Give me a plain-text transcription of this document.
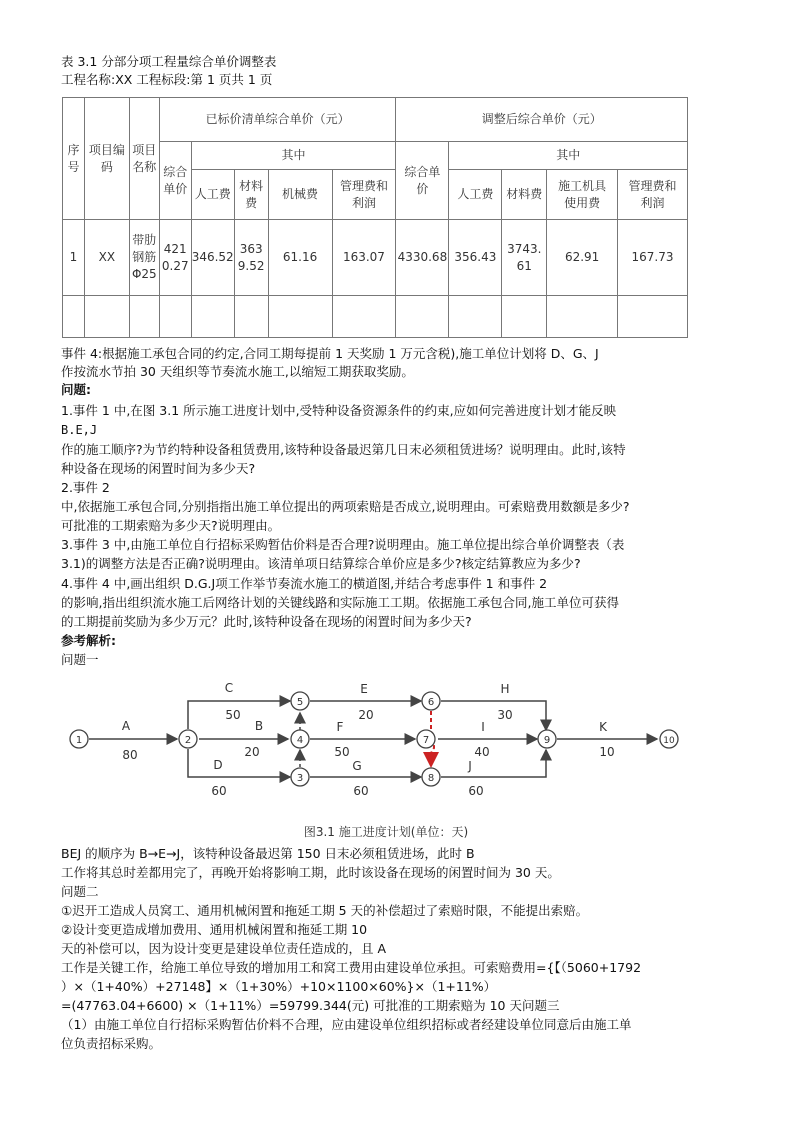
表 3.1 分部分项工程量综合单价调整表
工程名称:XX 工程标段:第 1 页共 1 页
序号	项目编码	项目名称	已标价清单综合单价（元）					调整后综合单价（元）				
			综合单价	其中				综合单价	其中			
				人工费	材料费	机械费	管理费和利润		人工费	材料费	施工机具使用费	管理费和利润
1	XX	带肋钢筋Φ25	4210.27	346.52	3639.52	61.16	163.07	4330.68	356.43	3743.61	62.91	167.73

事件 4:根据施工承包合同的约定,合同工期每提前 1 天奖励 1 万元含税),施工单位计划将 D、G、J
作按流水节拍 30 天组织等节奏流水施工,以缩短工期获取奖励。
问题:
1.事件 1 中,在图 3.1 所示施工进度计划中,受特种设备资源条件的约束,应如何完善进度计划才能反映
B.E,J
作的施工顺序?为节约特种设备租赁费用,该特种设备最迟第几日末必须租赁进场？说明理由。此时,该特
种设备在现场的闲置时间为多少天?
2.事件 2
中,依据施工承包合同,分别指指出施工单位提出的两项索赔是否成立,说明理由。可索赔费用数额是多少?
可批准的工期索赔为多少天?说明理由。
3.事件 3 中,由施工单位自行招标采购暂估价料是否合理?说明理由。施工单位提出综合单价调整表（表
3.1)的调整方法是否正确?说明理由。该清单项日结算综合单价应是多少?核定结算教应为多少?
4.事件 4 中,画出组织 D.G.J项工作举节奏流水施工的横道图,并结合考虑事件 1 和事件 2
的影响,指出组织流水施工后网络计划的关键线路和实际施工工期。依据施工承包合同,施工单位可获得
的工期提前奖励为多少万元？此时,该特种设备在现场的闲置时间为多少天?
参考解析:
问题一
1	2
3
4
5	6
7
8
9	10
A
80
B
20
C
50
D
60
E
20
F
50
G
60
H
30
I
40
J
60
K
10
图3.1 施工进度计划(单位：天)
BEJ 的顺序为 B→E→J，该特种设备最迟第 150 日末必须租赁进场，此时 B
工作将其总时差都用完了，再晚开始将影响工期，此时该设备在现场的闲置时间为 30 天。
问题二
①迟开工造成人员窝工、通用机械闲置和拖延工期 5 天的补偿超过了索赔时限，不能提出索赔。
②设计变更造成增加费用、通用机械闲置和拖延工期 10
天的补偿可以，因为设计变更是建设单位责任造成的，且 A
工作是关键工作，给施工单位导致的增加用工和窝工费用由建设单位承担。可索赔费用={【（5060+1792
）×（1+40%）+27148】×（1+30%）+10×1100×60%}×（1+11%）
=(47763.04+6600) ×（1+11%）=59799.344(元) 可批准的工期索赔为 10 天问题三
（1）由施工单位自行招标采购暂估价料不合理，应由建设单位组织招标或者经建设单位同意后由施工单
位负责招标采购。
